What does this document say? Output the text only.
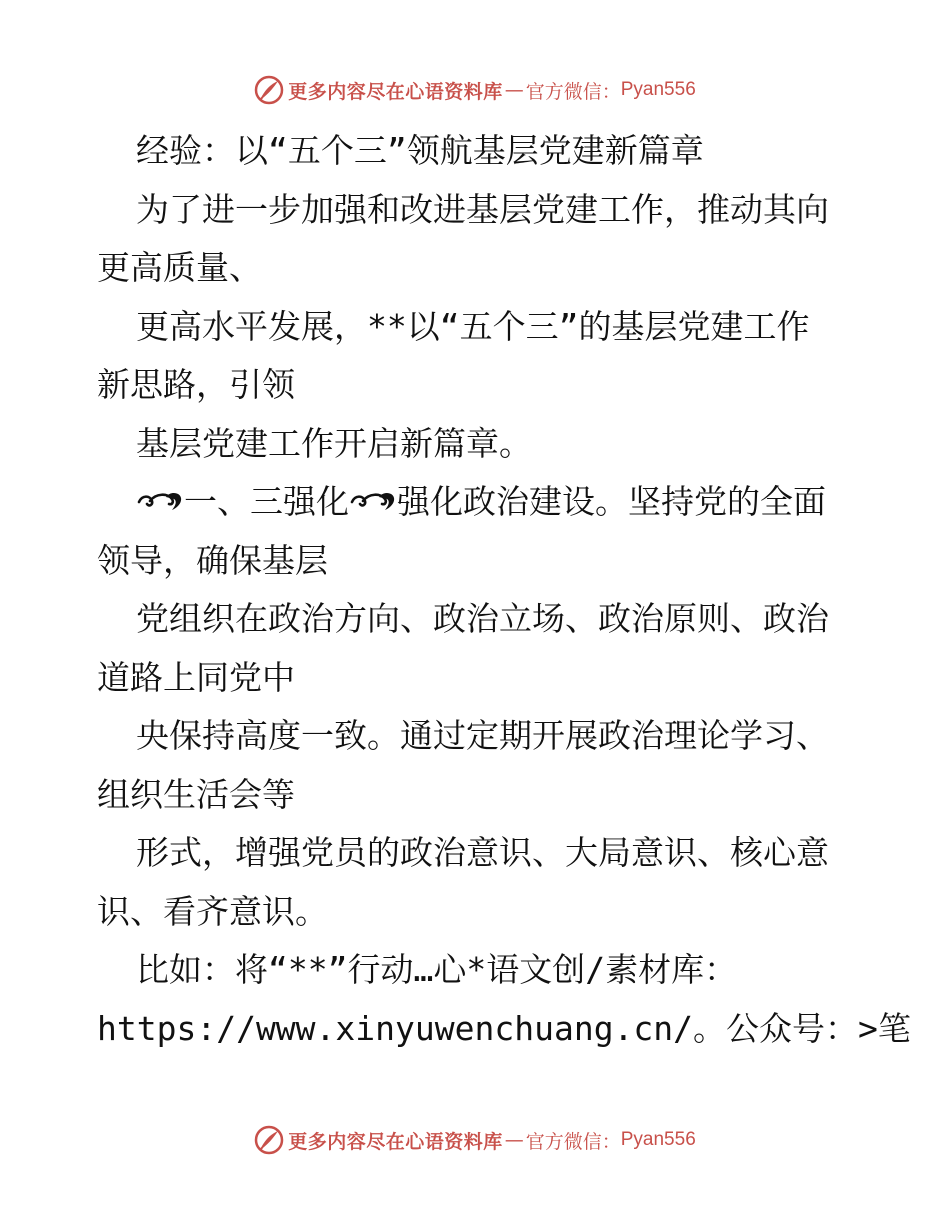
更多内容尽在心语资料库 — 官方微信： Pyan556
经验：以“五个三”领航基层党建新篇章
为了进一步加强和改进基层党建工作，推动其向
更高质量、
更高水平发展，**以“五个三”的基层党建工作
新思路，引领
基层党建工作开启新篇章。
一、三强化 强化政治建设。坚持党的全面
领导，确保基层
党组织在政治方向、政治立场、政治原则、政治
道路上同党中
央保持高度一致。通过定期开展政治理论学习、
组织生活会等
形式，增强党员的政治意识、大局意识、核心意
识、看齐意识。
比如：将“**”行动…心*语文创/素材库：
https://www.xinyuwenchuang.cn/。公众号：>笔
更多内容尽在心语资料库 — 官方微信： Pyan556
